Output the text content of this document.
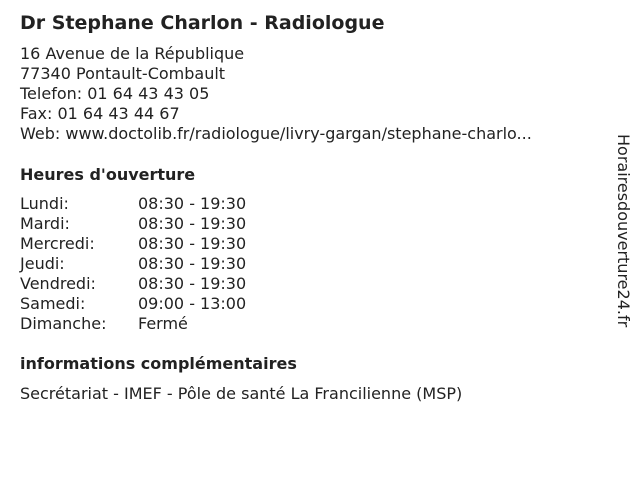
Dr Stephane Charlon - Radiologue
16 Avenue de la République
77340 Pontault-Combault
Telefon: 01 64 43 43 05
Fax: 01 64 43 44 67
Web: www.doctolib.fr/radiologue/livry-gargan/stephane-charlo...
Heures d'ouverture
Lundi:	08:30 - 19:30
Mardi:	08:30 - 19:30
Mercredi:	08:30 - 19:30
Jeudi:	08:30 - 19:30
Vendredi:	08:30 - 19:30
Samedi:	09:00 - 13:00
Dimanche:	Fermé
informations complémentaires
Secrétariat - IMEF - Pôle de santé La Francilienne (MSP)
Horairesdouverture24.fr
